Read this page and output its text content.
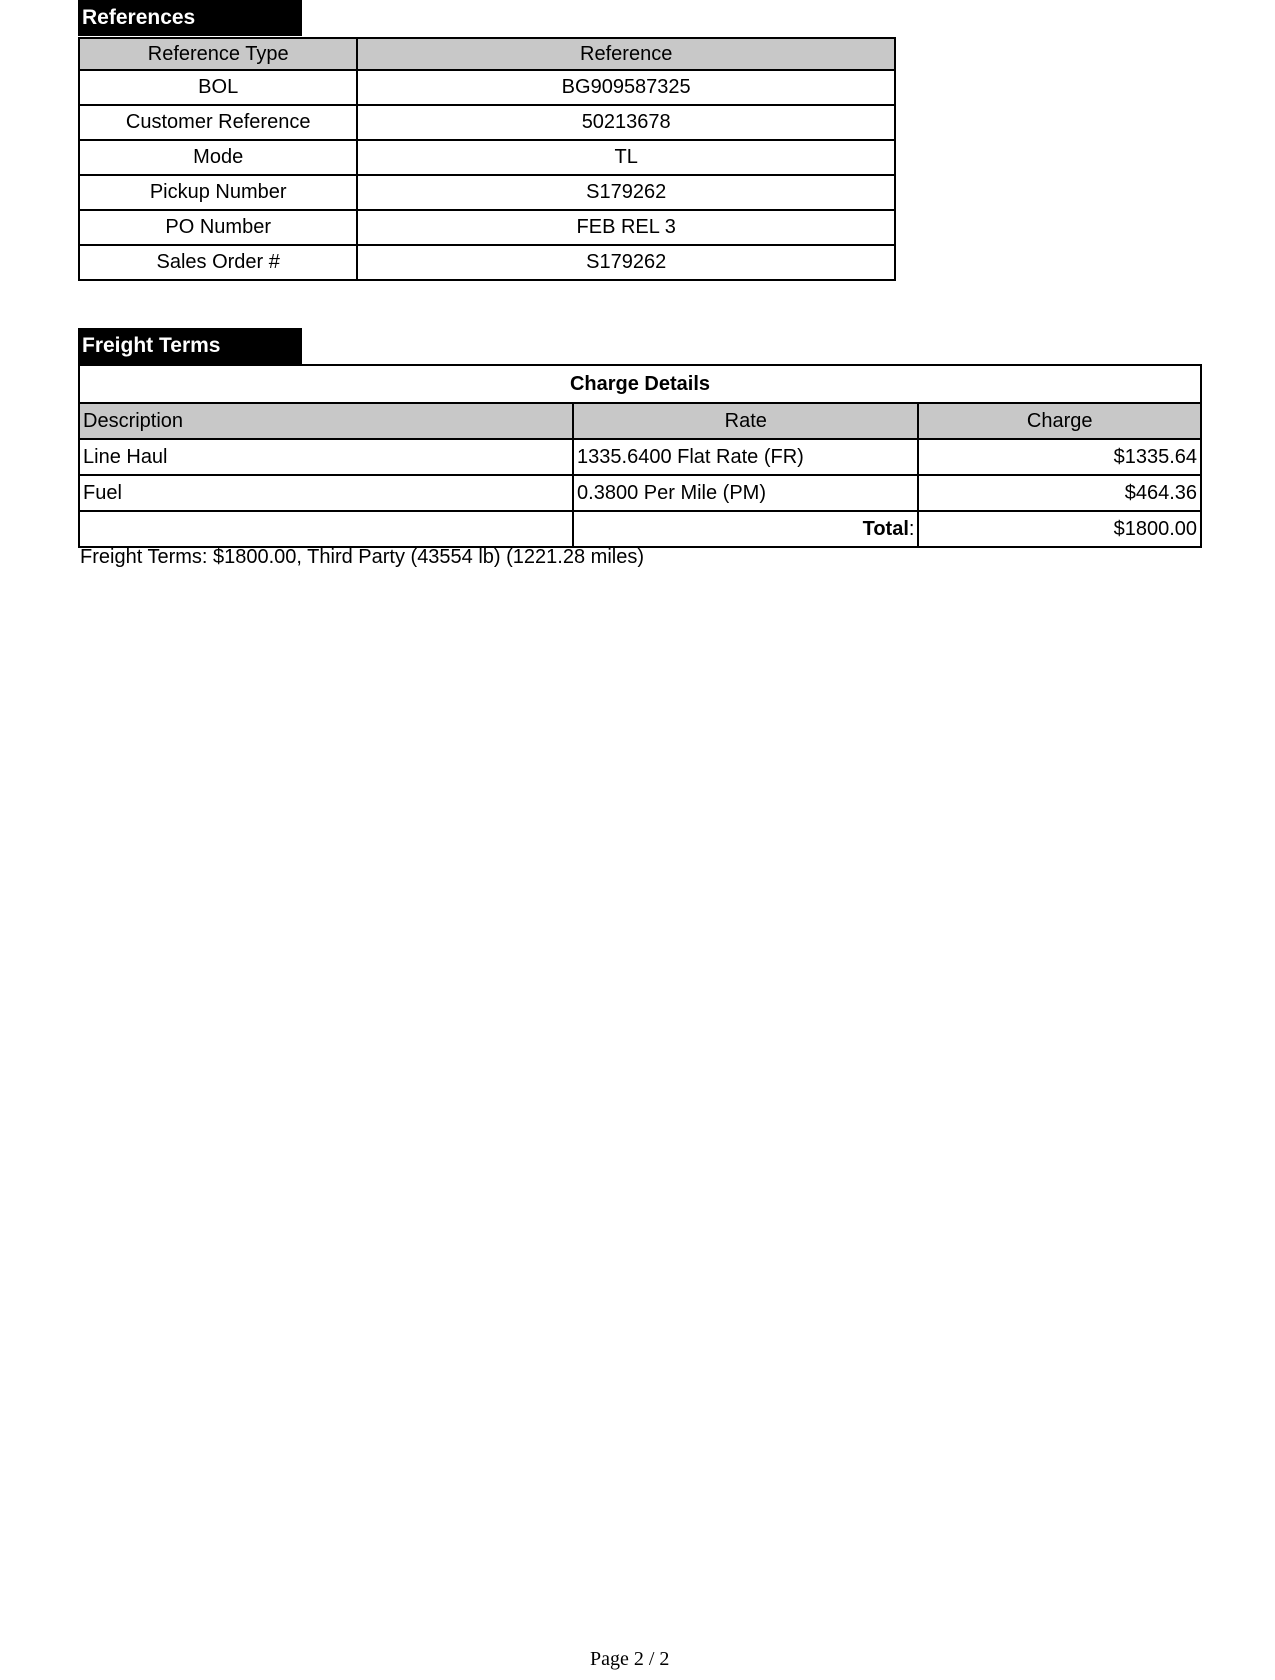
References
Reference Type	Reference
BOL	BG909587325
Customer Reference	50213678
Mode	TL
Pickup Number	S179262
PO Number	FEB REL 3
Sales Order #	S179262
Freight Terms
Charge Details		
Description	Rate	Charge
Line Haul	1335.6400 Flat Rate (FR)	$1335.64
Fuel	0.3800 Per Mile (PM)	$464.36
	Total:	$1800.00
Freight Terms: $1800.00, Third Party (43554 lb) (1221.28 miles)
Page 2 / 2
